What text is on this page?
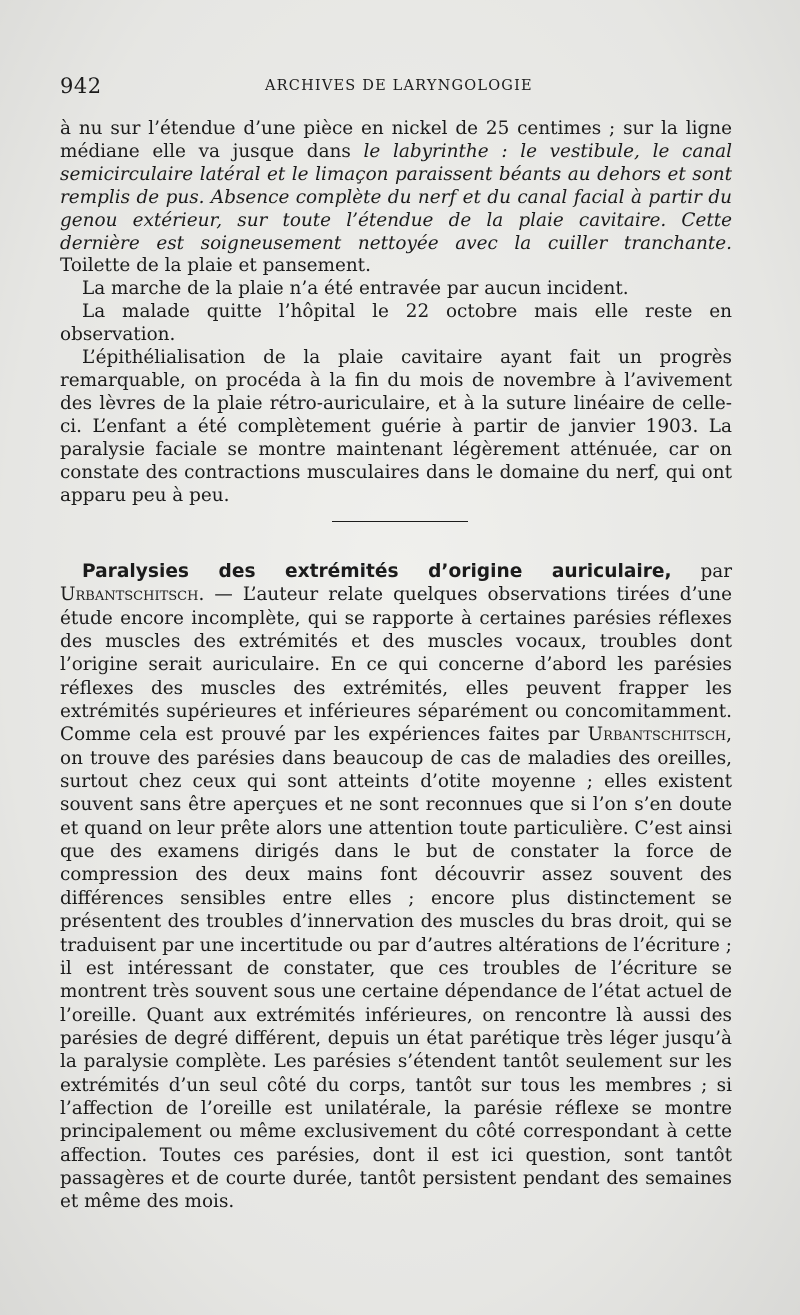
942	ARCHIVES DE LARYNGOLOGIE

à nu sur l’étendue d’une pièce en nickel de 25 centimes ; sur la ligne médiane elle va jusque dans le labyrinthe : le vestibule, le canal semicirculaire latéral et le limaçon paraissent béants au dehors et sont remplis de pus. Absence complète du nerf et du canal facial à partir du genou extérieur, sur toute l’étendue de la plaie cavitaire. Cette dernière est soigneusement nettoyée avec la cuiller tranchante. Toilette de la plaie et pansement.

La marche de la plaie n’a été entravée par aucun incident.

La malade quitte l’hôpital le 22 octobre mais elle reste en observation.

L’épithélialisation de la plaie cavitaire ayant fait un progrès remarquable, on procéda à la fin du mois de novembre à l’avivement des lèvres de la plaie rétro-auriculaire, et à la suture linéaire de celle-ci. L’enfant a été complètement guérie à partir de janvier 1903. La paralysie faciale se montre maintenant légèrement atténuée, car on constate des contractions musculaires dans le domaine du nerf, qui ont apparu peu à peu.

Paralysies des extrémités d’origine auriculaire, par Urbantschitsch. — L’auteur relate quelques observations tirées d’une étude encore incomplète, qui se rapporte à certaines parésies réflexes des muscles des extrémités et des muscles vocaux, troubles dont l’origine serait auriculaire. En ce qui concerne d’abord les parésies réflexes des muscles des extrémités, elles peuvent frapper les extrémités supérieures et inférieures séparément ou concomitamment. Comme cela est prouvé par les expériences faites par Urbantschitsch, on trouve des parésies dans beaucoup de cas de maladies des oreilles, surtout chez ceux qui sont atteints d’otite moyenne ; elles existent souvent sans être aperçues et ne sont reconnues que si l’on s’en doute et quand on leur prête alors une attention toute particulière. C’est ainsi que des examens dirigés dans le but de constater la force de compression des deux mains font découvrir assez souvent des différences sensibles entre elles ; encore plus distinctement se présentent des troubles d’innervation des muscles du bras droit, qui se traduisent par une incertitude ou par d’autres altérations de l’écriture ; il est intéressant de constater, que ces troubles de l’écriture se montrent très souvent sous une certaine dépendance de l’état actuel de l’oreille. Quant aux extrémités inférieures, on rencontre là aussi des parésies de degré différent, depuis un état parétique très léger jusqu’à la paralysie complète. Les parésies s’étendent tantôt seulement sur les extrémités d’un seul côté du corps, tantôt sur tous les membres ; si l’affection de l’oreille est unilatérale, la parésie réflexe se montre principalement ou même exclusivement du côté correspondant à cette affection. Toutes ces parésies, dont il est ici question, sont tantôt passagères et de courte durée, tantôt persistent pendant des semaines et même des mois.
